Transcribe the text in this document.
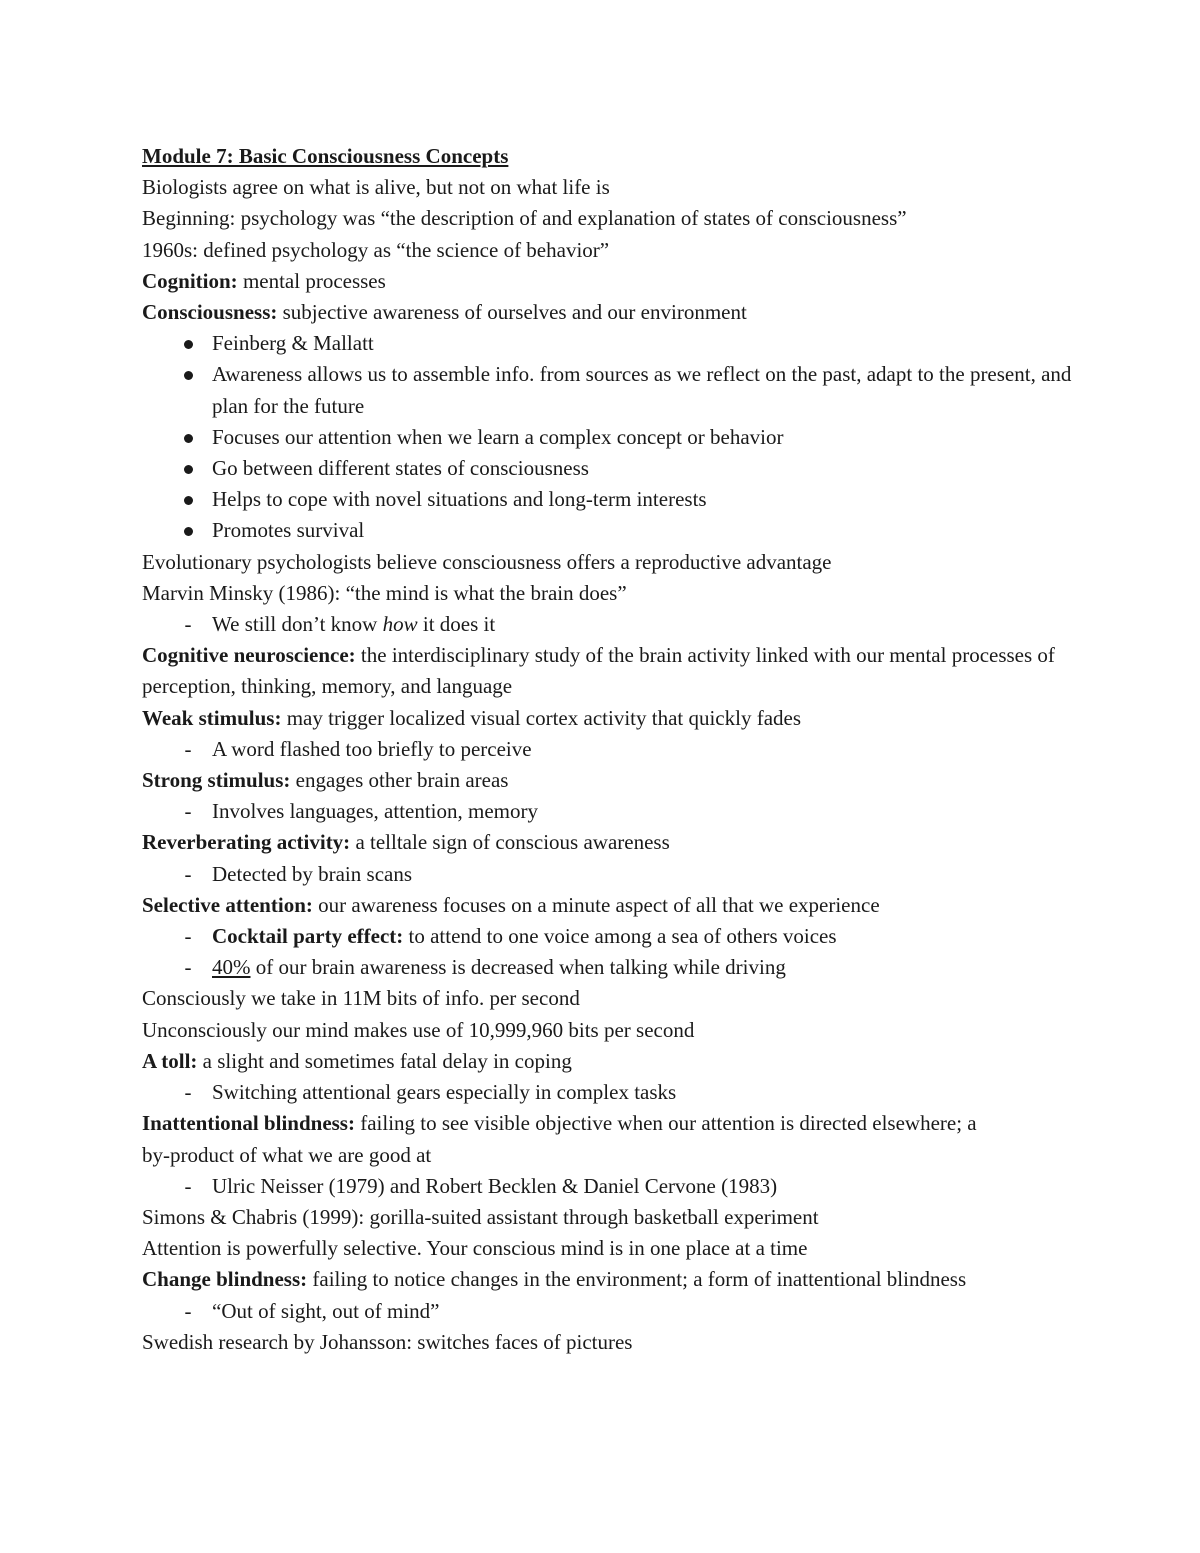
Module 7: Basic Consciousness Concepts
Biologists agree on what is alive, but not on what life is
Beginning: psychology was “the description of and explanation of states of consciousness”
1960s: defined psychology as “the science of behavior”
Cognition: mental processes
Consciousness: subjective awareness of ourselves and our environment
Feinberg & Mallatt
Awareness allows us to assemble info. from sources as we reflect on the past, adapt to the present, and plan for the future
Focuses our attention when we learn a complex concept or behavior
Go between different states of consciousness
Helps to cope with novel situations and long-term interests
Promotes survival
Evolutionary psychologists believe consciousness offers a reproductive advantage
Marvin Minsky (1986): “the mind is what the brain does”
- We still don’t know how it does it
Cognitive neuroscience: the interdisciplinary study of the brain activity linked with our mental processes of perception, thinking, memory, and language
Weak stimulus: may trigger localized visual cortex activity that quickly fades
- A word flashed too briefly to perceive
Strong stimulus: engages other brain areas
- Involves languages, attention, memory
Reverberating activity: a telltale sign of conscious awareness
- Detected by brain scans
Selective attention: our awareness focuses on a minute aspect of all that we experience
- Cocktail party effect: to attend to one voice among a sea of others voices
- 40% of our brain awareness is decreased when talking while driving
Consciously we take in 11M bits of info. per second
Unconsciously our mind makes use of 10,999,960 bits per second
A toll: a slight and sometimes fatal delay in coping
- Switching attentional gears especially in complex tasks
Inattentional blindness: failing to see visible objective when our attention is directed elsewhere; a by-product of what we are good at
- Ulric Neisser (1979) and Robert Becklen & Daniel Cervone (1983)
Simons & Chabris (1999): gorilla-suited assistant through basketball experiment
Attention is powerfully selective. Your conscious mind is in one place at a time
Change blindness: failing to notice changes in the environment; a form of inattentional blindness
- “Out of sight, out of mind”
Swedish research by Johansson: switches faces of pictures
